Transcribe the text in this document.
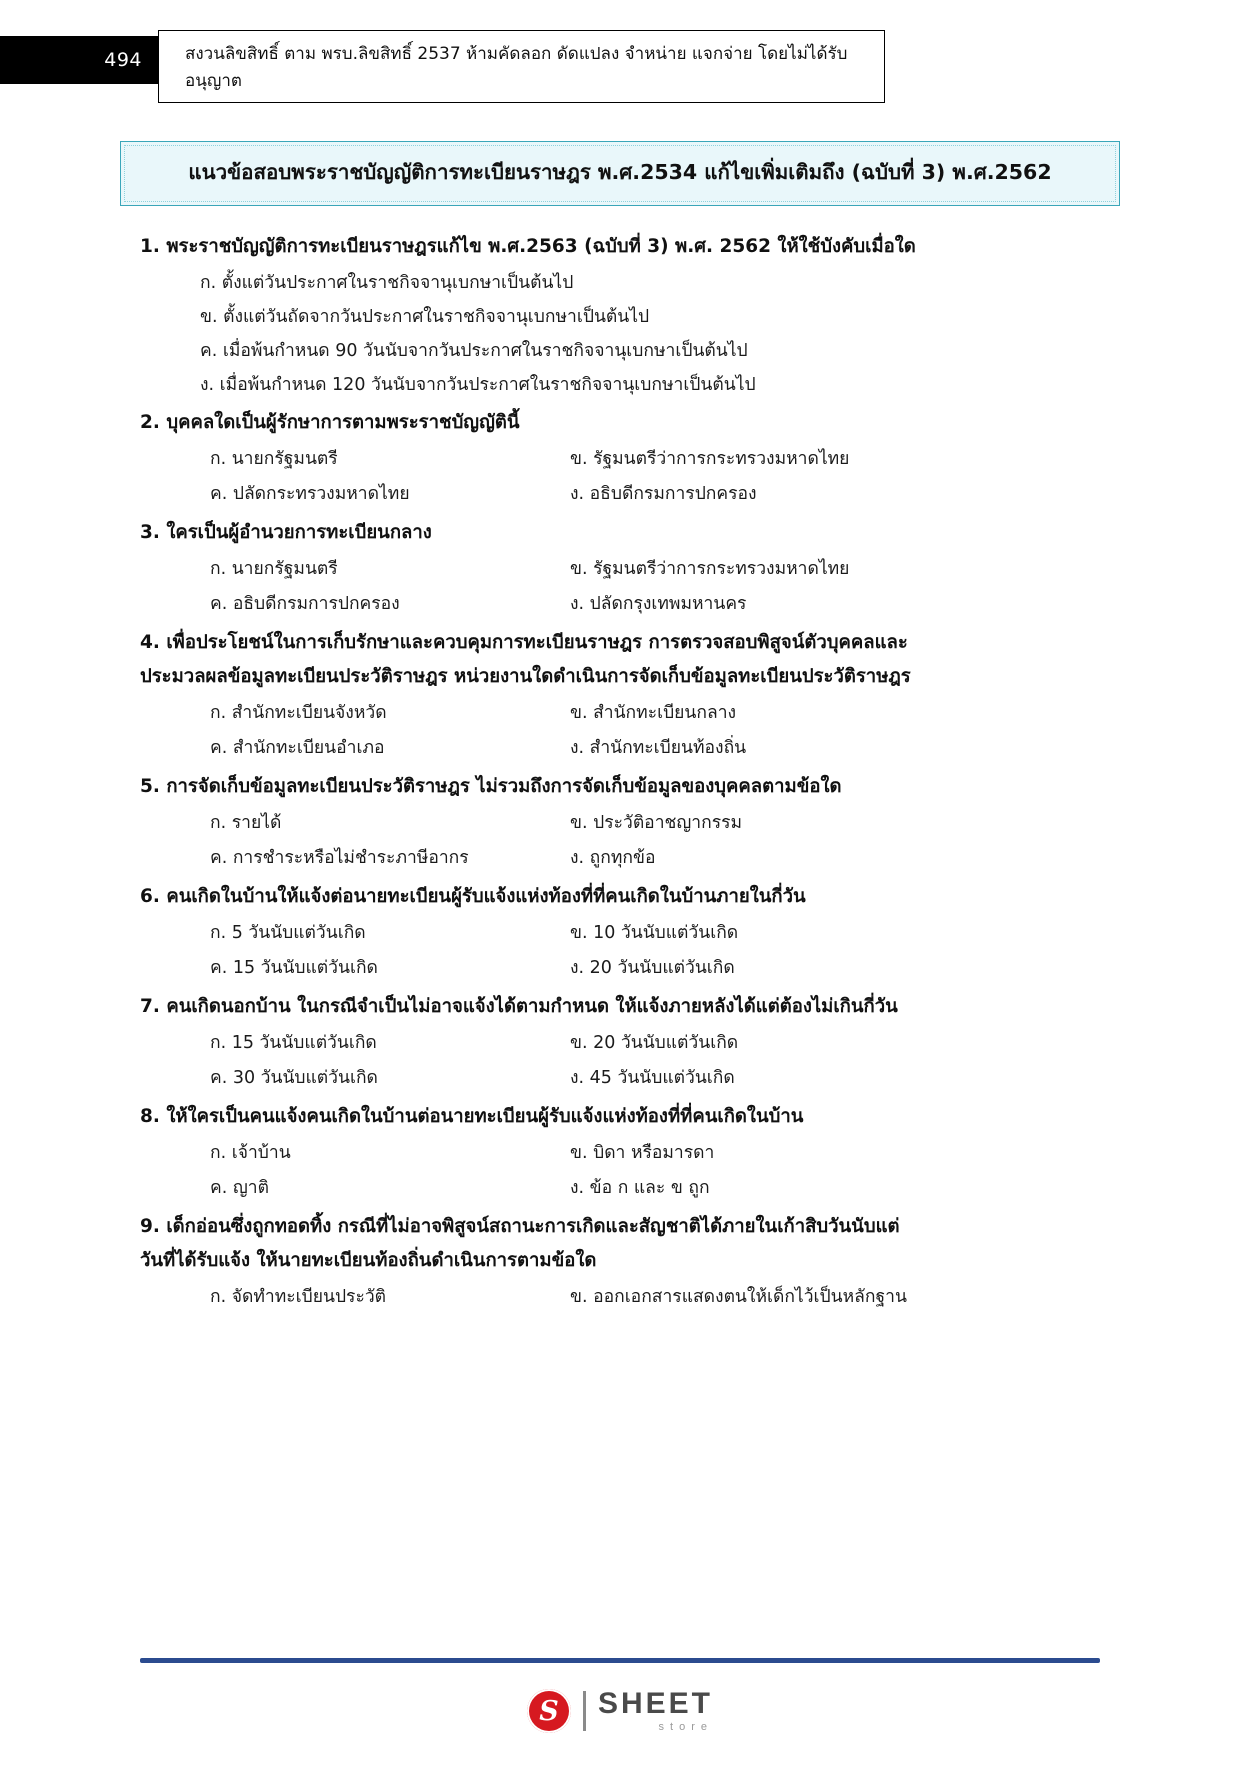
494	สงวนลิขสิทธิ์ ตาม พรบ.ลิขสิทธิ์ 2537 ห้ามคัดลอก ดัดแปลง จำหน่าย แจกจ่าย โดยไม่ได้รับอนุญาต
แนวข้อสอบพระราชบัญญัติการทะเบียนราษฎร พ.ศ.2534 แก้ไขเพิ่มเติมถึง (ฉบับที่ 3) พ.ศ.2562
1. พระราชบัญญัติการทะเบียนราษฎรแก้ไข พ.ศ.2563 (ฉบับที่ 3) พ.ศ. 2562 ให้ใช้บังคับเมื่อใด
ก. ตั้งแต่วันประกาศในราชกิจจานุเบกษาเป็นต้นไป
ข. ตั้งแต่วันถัดจากวันประกาศในราชกิจจานุเบกษาเป็นต้นไป
ค. เมื่อพ้นกำหนด 90 วันนับจากวันประกาศในราชกิจจานุเบกษาเป็นต้นไป
ง. เมื่อพ้นกำหนด 120 วันนับจากวันประกาศในราชกิจจานุเบกษาเป็นต้นไป
2. บุคคลใดเป็นผู้รักษาการตามพระราชบัญญัตินี้
ก. นายกรัฐมนตรี	ข. รัฐมนตรีว่าการกระทรวงมหาดไทย
ค. ปลัดกระทรวงมหาดไทย	ง. อธิบดีกรมการปกครอง
3. ใครเป็นผู้อำนวยการทะเบียนกลาง
ก. นายกรัฐมนตรี	ข. รัฐมนตรีว่าการกระทรวงมหาดไทย
ค. อธิบดีกรมการปกครอง	ง. ปลัดกรุงเทพมหานคร
4. เพื่อประโยชน์ในการเก็บรักษาและควบคุมการทะเบียนราษฎร การตรวจสอบพิสูจน์ตัวบุคคลและ
ประมวลผลข้อมูลทะเบียนประวัติราษฎร หน่วยงานใดดำเนินการจัดเก็บข้อมูลทะเบียนประวัติราษฎร
ก. สำนักทะเบียนจังหวัด	ข. สำนักทะเบียนกลาง
ค. สำนักทะเบียนอำเภอ	ง. สำนักทะเบียนท้องถิ่น
5. การจัดเก็บข้อมูลทะเบียนประวัติราษฎร ไม่รวมถึงการจัดเก็บข้อมูลของบุคคลตามข้อใด
ก. รายได้	ข. ประวัติอาชญากรรม
ค. การชำระหรือไม่ชำระภาษีอากร	ง. ถูกทุกข้อ
6. คนเกิดในบ้านให้แจ้งต่อนายทะเบียนผู้รับแจ้งแห่งท้องที่ที่คนเกิดในบ้านภายในกี่วัน
ก. 5 วันนับแต่วันเกิด	ข. 10 วันนับแต่วันเกิด
ค. 15 วันนับแต่วันเกิด	ง. 20 วันนับแต่วันเกิด
7. คนเกิดนอกบ้าน ในกรณีจำเป็นไม่อาจแจ้งได้ตามกำหนด ให้แจ้งภายหลังได้แต่ต้องไม่เกินกี่วัน
ก. 15 วันนับแต่วันเกิด	ข. 20 วันนับแต่วันเกิด
ค. 30 วันนับแต่วันเกิด	ง. 45 วันนับแต่วันเกิด
8. ให้ใครเป็นคนแจ้งคนเกิดในบ้านต่อนายทะเบียนผู้รับแจ้งแห่งท้องที่ที่คนเกิดในบ้าน
ก. เจ้าบ้าน	ข. บิดา หรือมารดา
ค. ญาติ	ง. ข้อ ก และ ข ถูก
9. เด็กอ่อนซึ่งถูกทอดทิ้ง กรณีที่ไม่อาจพิสูจน์สถานะการเกิดและสัญชาติได้ภายในเก้าสิบวันนับแต่
วันที่ได้รับแจ้ง ให้นายทะเบียนท้องถิ่นดำเนินการตามข้อใด
ก. จัดทำทะเบียนประวัติ	ข. ออกเอกสารแสดงตนให้เด็กไว้เป็นหลักฐาน
S	SHEET
store
